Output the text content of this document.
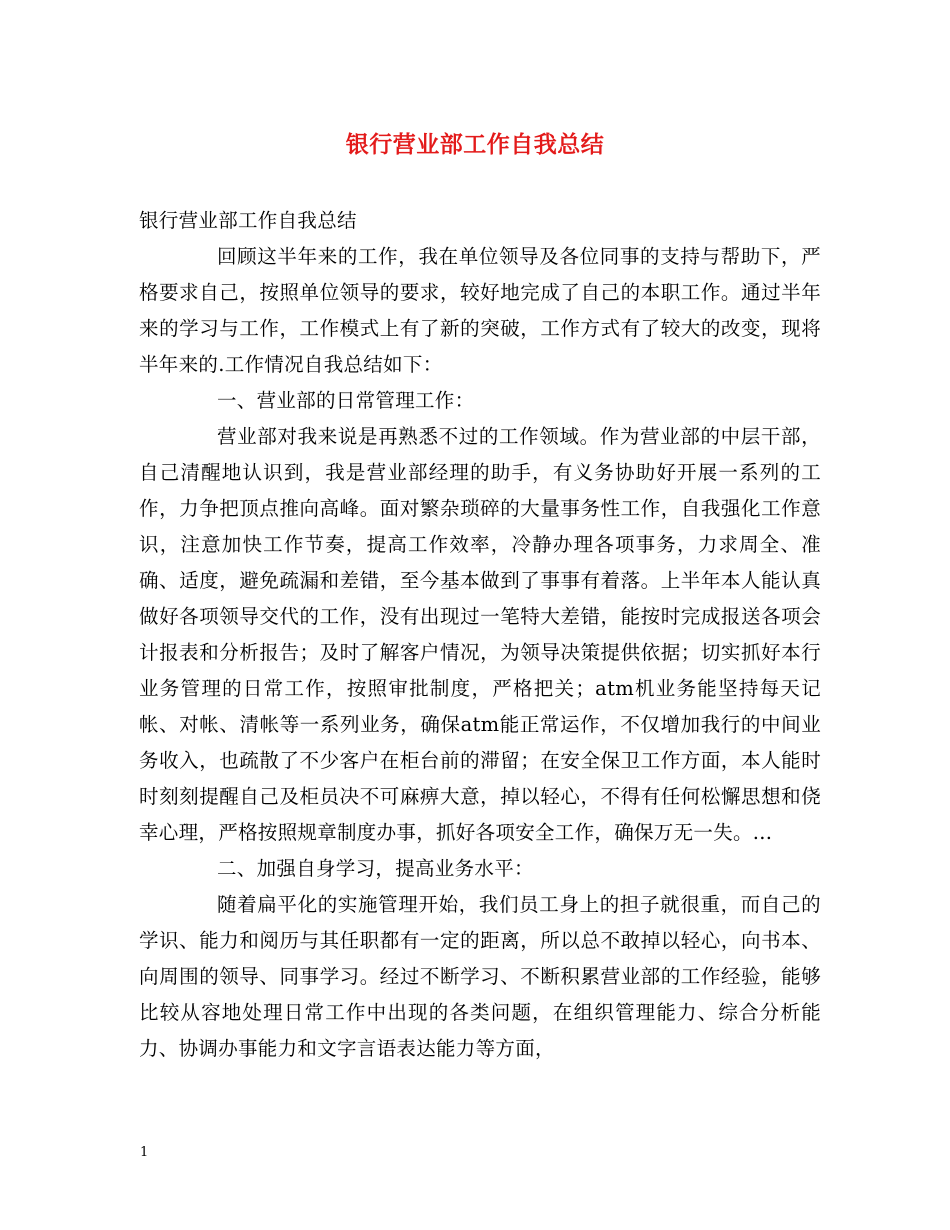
银行营业部工作自我总结

银行营业部工作自我总结

回顾这半年来的工作，我在单位领导及各位同事的支持与帮助下，严格要求自己，按照单位领导的要求，较好地完成了自己的本职工作。通过半年来的学习与工作，工作模式上有了新的突破，工作方式有了较大的改变，现将半年来的.工作情况自我总结如下：

一、营业部的日常管理工作：

营业部对我来说是再熟悉不过的工作领域。作为营业部的中层干部，自己清醒地认识到，我是营业部经理的助手，有义务协助好开展一系列的工作，力争把顶点推向高峰。面对繁杂琐碎的大量事务性工作，自我强化工作意识，注意加快工作节奏，提高工作效率，冷静办理各项事务，力求周全、准确、适度，避免疏漏和差错，至今基本做到了事事有着落。上半年本人能认真做好各项领导交代的工作，没有出现过一笔特大差错，能按时完成报送各项会计报表和分析报告；及时了解客户情况，为领导决策提供依据；切实抓好本行业务管理的日常工作，按照审批制度，严格把关；atm机业务能坚持每天记帐、对帐、清帐等一系列业务，确保atm能正常运作，不仅增加我行的中间业务收入，也疏散了不少客户在柜台前的滞留；在安全保卫工作方面，本人能时时刻刻提醒自己及柜员决不可麻痹大意，掉以轻心，不得有任何松懈思想和侥幸心理，严格按照规章制度办事，抓好各项安全工作，确保万无一失。...

二、加强自身学习，提高业务水平：

随着扁平化的实施管理开始，我们员工身上的担子就很重，而自己的学识、能力和阅历与其任职都有一定的距离，所以总不敢掉以轻心，向书本、向周围的领导、同事学习。经过不断学习、不断积累营业部的工作经验，能够比较从容地处理日常工作中出现的各类问题，在组织管理能力、综合分析能力、协调办事能力和文字言语表达能力等方面，

1
